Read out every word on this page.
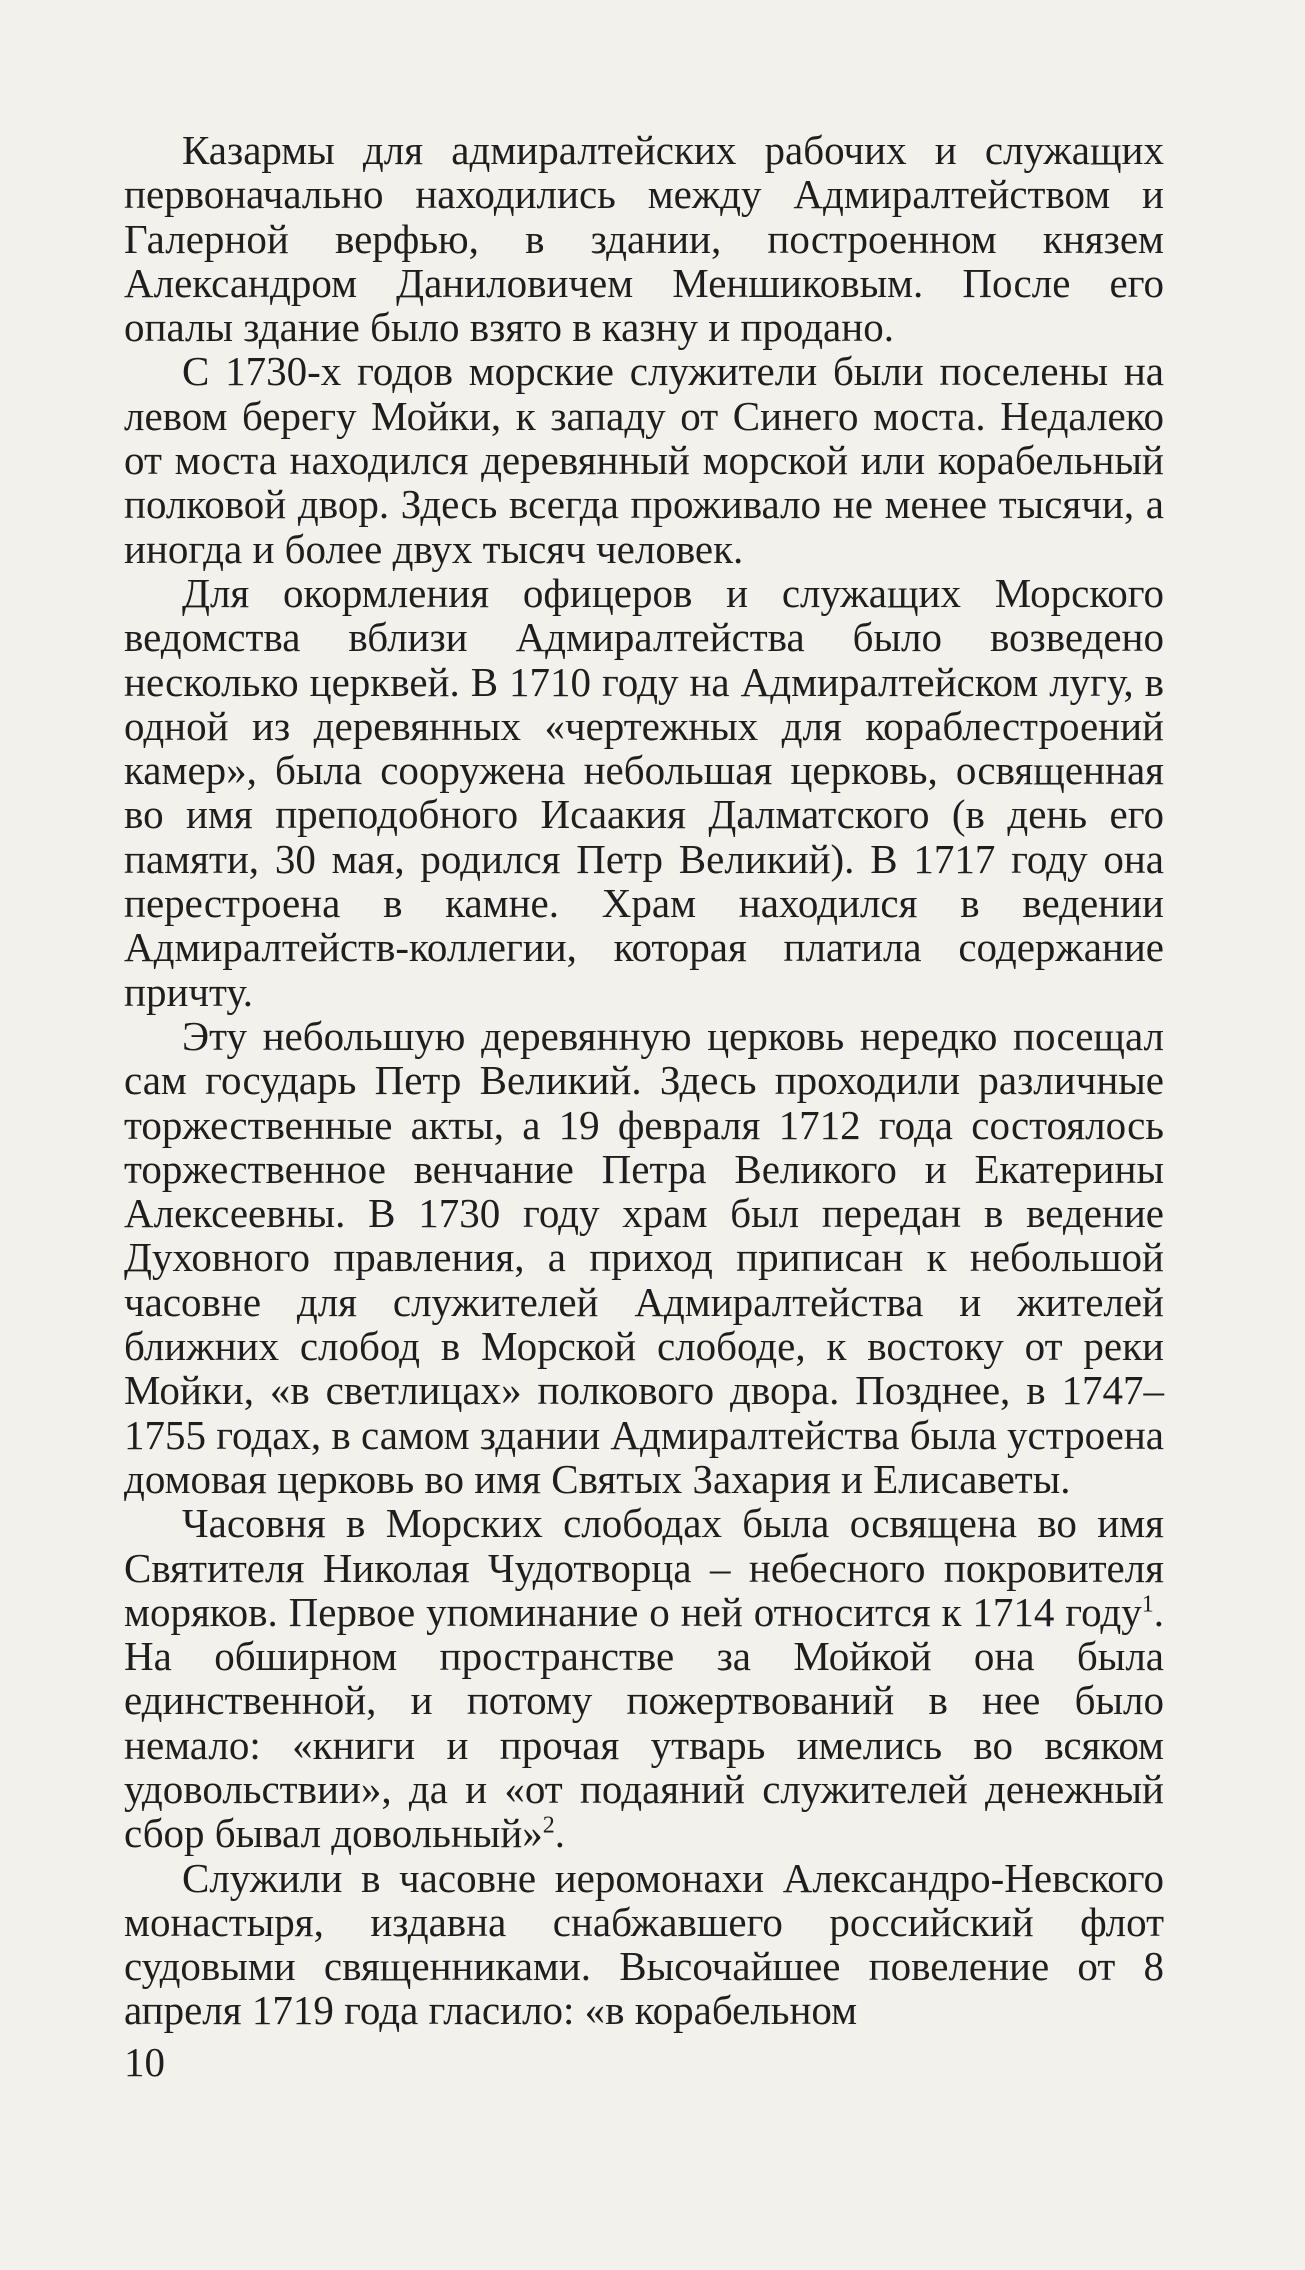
Казармы для адмиралтейских рабочих и служащих первоначально находились между Адмиралтейством и Галерной верфью, в здании, построенном князем Александром Даниловичем Меншиковым. После его опалы здание было взято в казну и продано.

С 1730-х годов морские служители были поселены на левом берегу Мойки, к западу от Синего моста. Недалеко от моста находился деревянный морской или корабельный полковой двор. Здесь всегда проживало не менее тысячи, а иногда и более двух тысяч человек.

Для окормления офицеров и служащих Морского ведомства вблизи Адмиралтейства было возведено несколько церквей. В 1710 году на Адмиралтейском лугу, в одной из деревянных «чертежных для кораблестроений камер», была сооружена небольшая церковь, освященная во имя преподобного Исаакия Далматского (в день его памяти, 30 мая, родился Петр Великий). В 1717 году она перестроена в камне. Храм находился в ведении Адмиралтейств-коллегии, которая платила содержание причту.

Эту небольшую деревянную церковь нередко посещал сам государь Петр Великий. Здесь проходили различные торжественные акты, а 19 февраля 1712 года состоялось торжественное венчание Петра Великого и Екатерины Алексеевны. В 1730 году храм был передан в ведение Духовного правления, а приход приписан к небольшой часовне для служителей Адмиралтейства и жителей ближних слобод в Морской слободе, к востоку от реки Мойки, «в светлицах» полкового двора. Позднее, в 1747–1755 годах, в самом здании Адмиралтейства была устроена домовая церковь во имя Святых Захария и Елисаветы.

Часовня в Морских слободах была освящена во имя Святителя Николая Чудотворца – небесного покровителя моряков. Первое упоминание о ней относится к 1714 году$^1$. На обширном пространстве за Мойкой она была единственной, и потому пожертвований в нее было немало: «книги и прочая утварь имелись во всяком удовольствии», да и «от подаяний служителей денежный сбор бывал довольный»$^2$.

Служили в часовне иеромонахи Александро-Невского монастыря, издавна снабжавшего российский флот судовыми священниками. Высочайшее повеление от 8 апреля 1719 года гласило: «в корабельном

10
